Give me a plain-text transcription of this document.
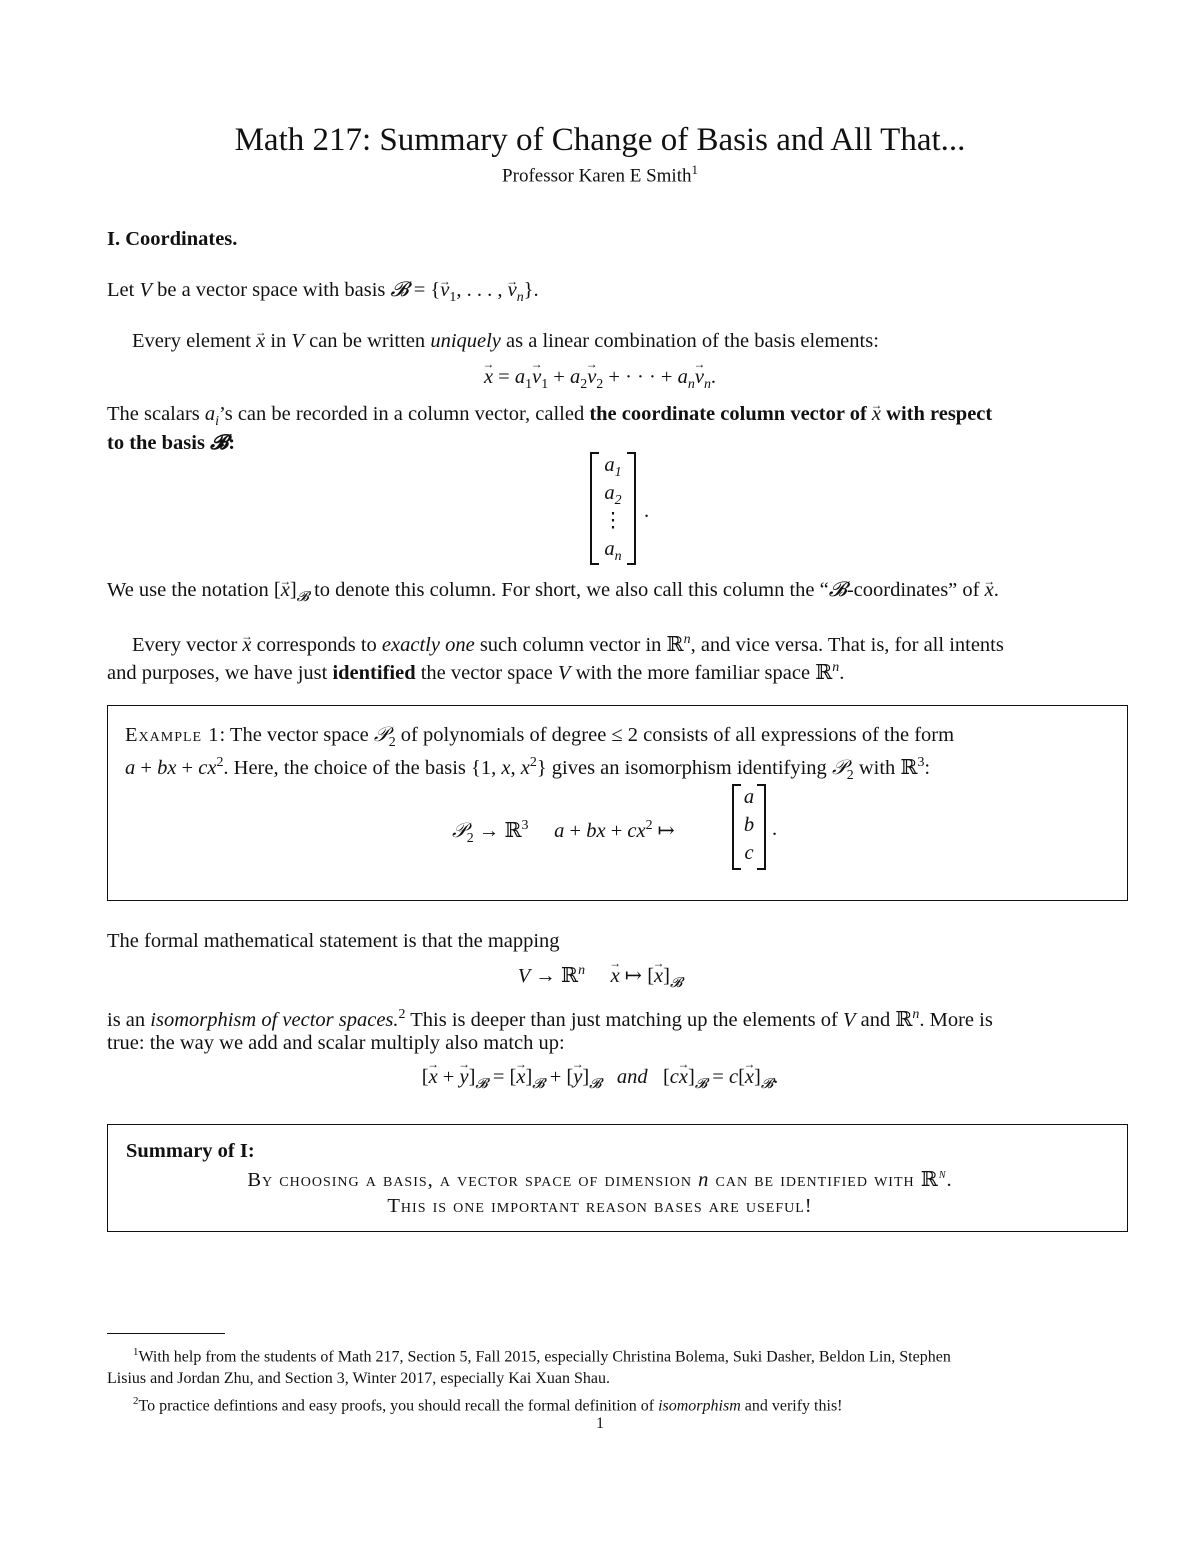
Math 217: Summary of Change of Basis and All That...
Professor Karen E Smith$^1$
I. Coordinates.
Let V be a vector space with basis 𝓑 = {→ $v_1$, . . . , → $v_n$}.
Every element → x in V can be written uniquely as a linear combination of the basis elements:
→ $x = a_1\to v_1 + a_2\to v_2$ + · · · + $a_n\to v_n$.
The scalars $a_i’s$ can be recorded in a column vector, called the coordinate column vector of → x with respect
to the basis 𝓑:
$a_1$
$a_2$
⋮
$a_n$
.
We use the notation [→ $x]_𝓑$ to denote this column. For short, we also call this column the “𝓑-coordinates” of → x.
Every vector → x corresponds to exactly one such column vector in ℝ$^n$, and vice versa. That is, for all intents
and purposes, we have just identified the vector space V with the more familiar space ℝ$^n$.
Example 1: The vector space 𝒫$_2$ of polynomials of degree ≤ 2 consists of all expressions of the form
a + bx + $cx^2$. Here, the choice of the basis {1, x, $x^2$} gives an isomorphism identifying 𝒫$_2$ with ℝ$^3$:
𝒫$_2$ → ℝ$^3$ a + bx + $cx^2$ ↦
a
b
c
.
The formal mathematical statement is that the mapping
V → ℝ$^n$ → x ↦ [→ $x]_𝓑$
is an isomorphism of vector spaces.$^2$ This is deeper than just matching up the elements of V and ℝ$^n$. More is
true: the way we add and scalar multiply also match up:
[→ x + → $y]_𝓑$ = [→ $x]_𝓑$ + [→ $y]_𝓑$ and   $[c\to x]_𝓑 = c[\to x]_𝓑$.
Summary of I:
By choosing a basis, a vector space of dimension n can be identified with ℝ$^n$.
This is one important reason bases are useful!
$^1$With help from the students of Math 217, Section 5, Fall 2015, especially Christina Bolema, Suki Dasher, Beldon Lin, Stephen
Lisius and Jordan Zhu, and Section 3, Winter 2017, especially Kai Xuan Shau.
$^2$To practice defintions and easy proofs, you should recall the formal definition of isomorphism and verify this!
1
